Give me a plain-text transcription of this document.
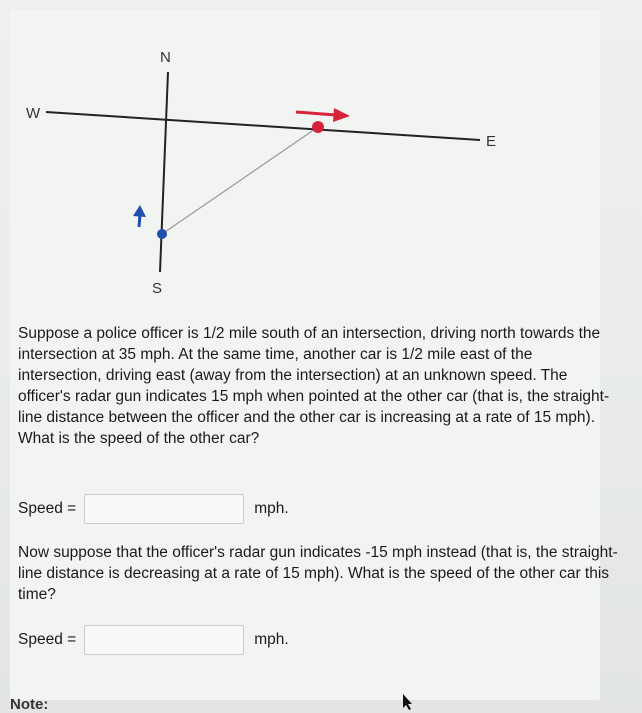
N
S
W
E

Suppose a police officer is 1/2 mile south of an intersection, driving north towards the intersection at 35 mph. At the same time, another car is 1/2 mile east of the intersection, driving east (away from the intersection) at an unknown speed. The officer's radar gun indicates 15 mph when pointed at the other car (that is, the straight-line distance between the officer and the other car is increasing at a rate of 15 mph). What is the speed of the other car?

Speed =	mph.

Now suppose that the officer's radar gun indicates -15 mph instead (that is, the straight-line distance is decreasing at a rate of 15 mph). What is the speed of the other car this time?

Speed =	mph.
Note:
